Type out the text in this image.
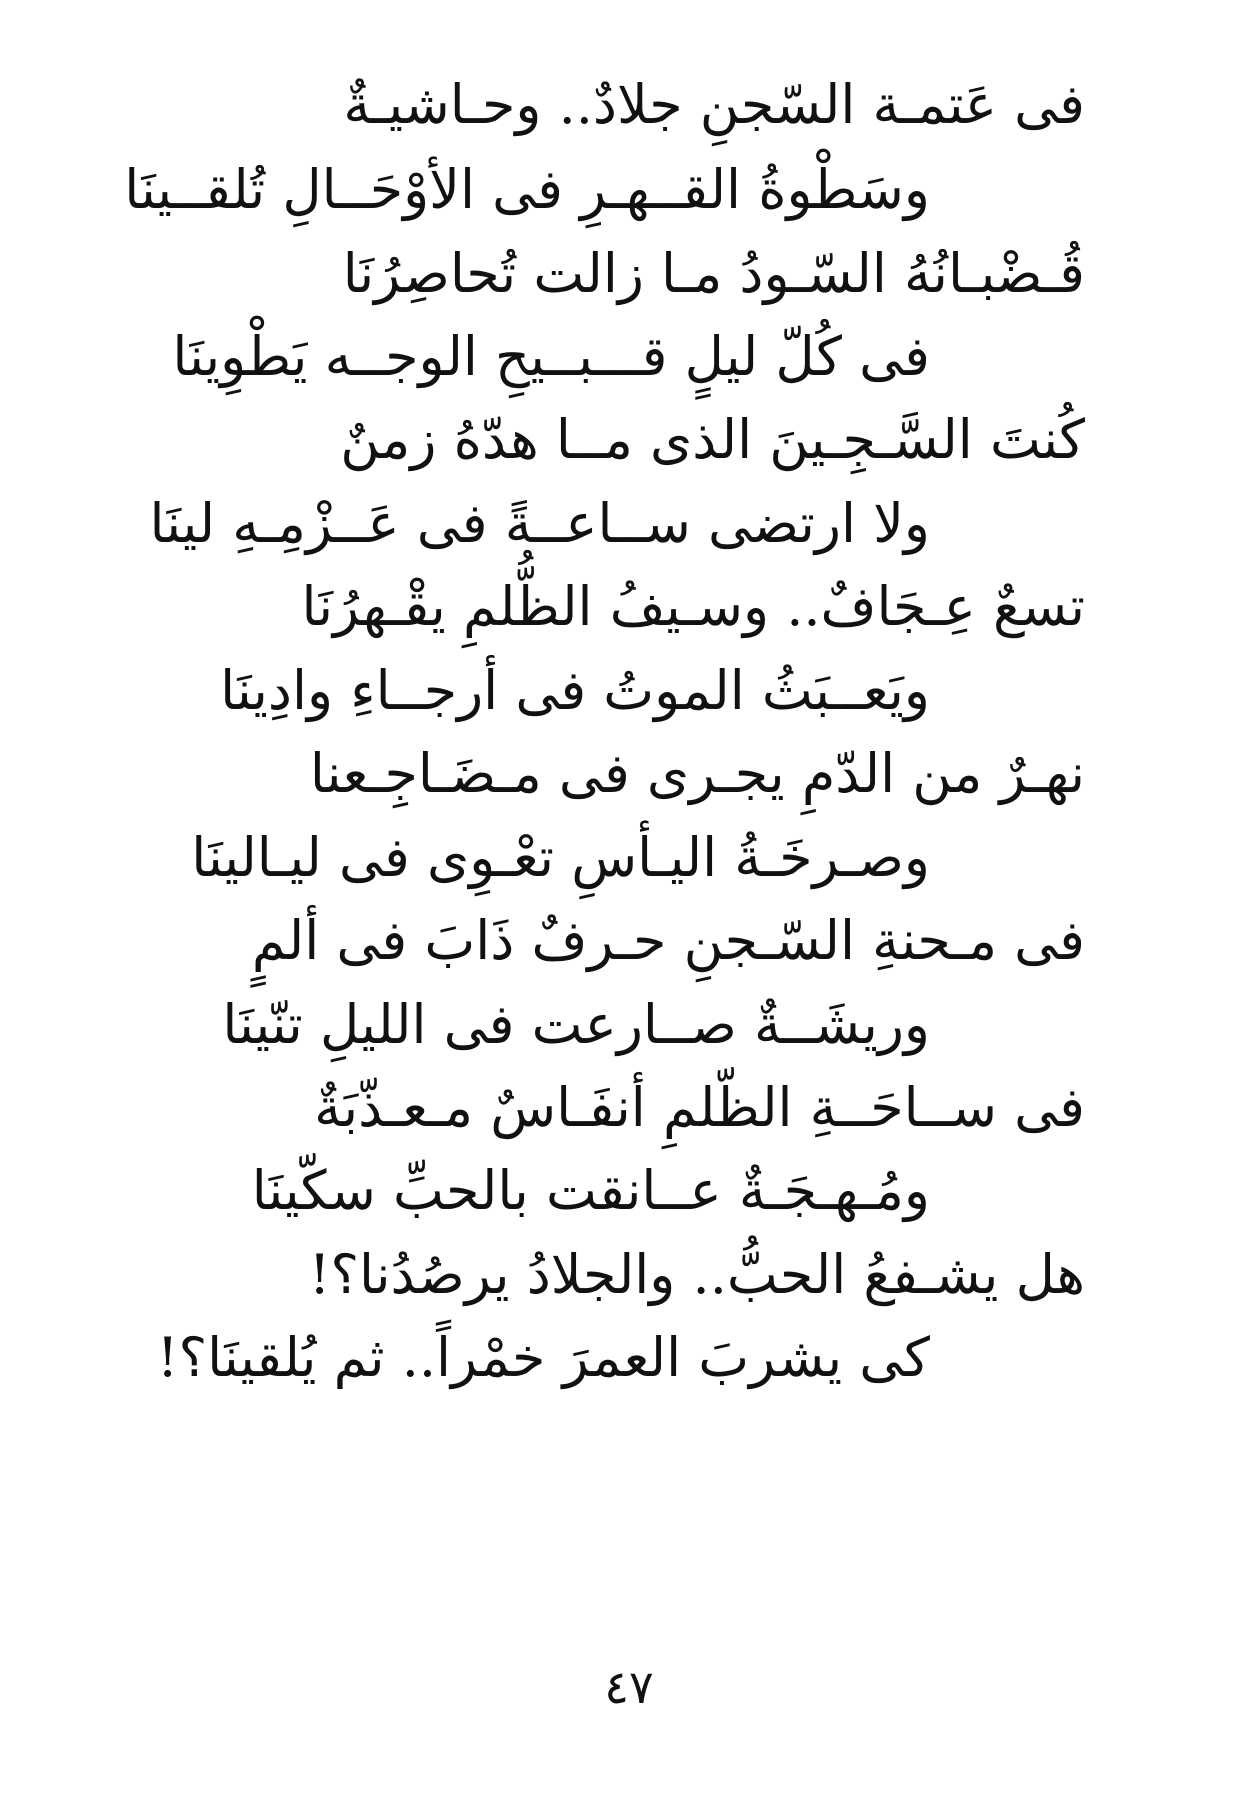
فى عَتمـة السّجنِ جلادٌ.. وحـاشيـةٌ
وسَطْوةُ القــهـرِ فى الأوْحَــالِ تُلقــينَا
قُـضْبـانُهُ السّـودُ مـا زالت تُحاصِرُنَا
فى كُلّ ليلٍ قـــبــيحِ الوجــه يَطْوِينَا
كُنتَ السَّـجِـينَ الذى مــا هدّهُ زمنٌ
ولا ارتضى ســاعــةً فى عَــزْمِـهِ لينَا
تسعٌ عِـجَافٌ.. وسـيفُ الظُّلمِ يقْـهرُنَا
ويَعــبَثُ الموتُ فى أرجــاءِ وادِينَا
نهـرٌ من الدّمِ يجـرى فى مـضَـاجِـعنا
وصـرخَـةُ اليـأسِ تعْـوِى فى ليـالينَا
فى مـحنةِ السّـجنِ حـرفٌ ذَابَ فى ألمٍ
وريشَــةٌ صــارعت فى الليلِ تنّينَا
فى ســاحَــةِ الظّلمِ أنفَـاسٌ مـعـذّبَةٌ
ومُـهـجَـةٌ عــانقت بالحبِّ سكّينَا
هل يشـفعُ الحبُّ.. والجلادُ يرصُدُنا؟!
كى يشربَ العمرَ خمْراً.. ثم يُلقينَا؟!
٤٧
